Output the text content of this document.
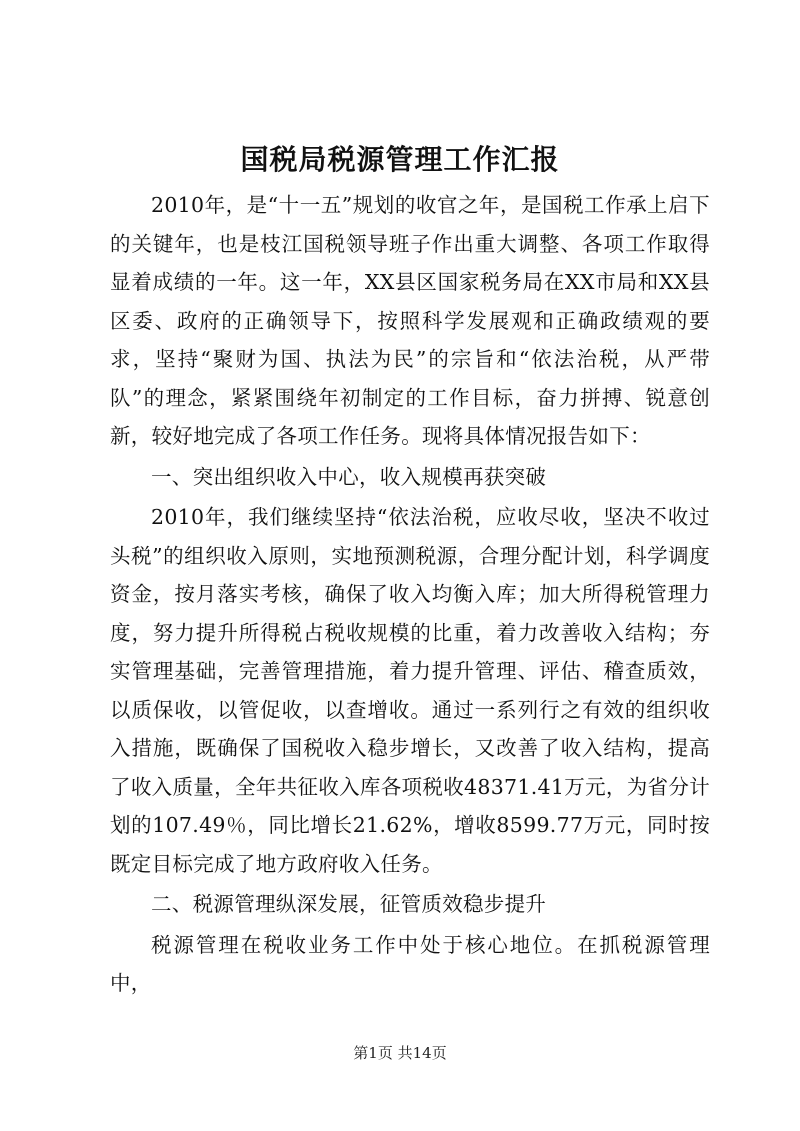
国税局税源管理工作汇报

2010年，是“十一五”规划的收官之年，是国税工作承上启下的关键年，也是枝江国税领导班子作出重大调整、各项工作取得显着成绩的一年。这一年，XX县区国家税务局在XX市局和XX县区委、政府的正确领导下，按照科学发展观和正确政绩观的要求，坚持“聚财为国、执法为民”的宗旨和“依法治税，从严带队”的理念，紧紧围绕年初制定的工作目标，奋力拼搏、锐意创新，较好地完成了各项工作任务。现将具体情况报告如下：

一、突出组织收入中心，收入规模再获突破

2010年，我们继续坚持“依法治税，应收尽收，坚决不收过头税”的组织收入原则，实地预测税源，合理分配计划，科学调度资金，按月落实考核，确保了收入均衡入库；加大所得税管理力度，努力提升所得税占税收规模的比重，着力改善收入结构；夯实管理基础，完善管理措施，着力提升管理、评估、稽查质效，以质保收，以管促收，以查增收。通过一系列行之有效的组织收入措施，既确保了国税收入稳步增长，又改善了收入结构，提高了收入质量，全年共征收入库各项税收48371.41万元，为省分计划的107.49％，同比增长21.62%，增收8599.77万元，同时按既定目标完成了地方政府收入任务。

二、税源管理纵深发展，征管质效稳步提升

税源管理在税收业务工作中处于核心地位。在抓税源管理中，

第1页 共14页
